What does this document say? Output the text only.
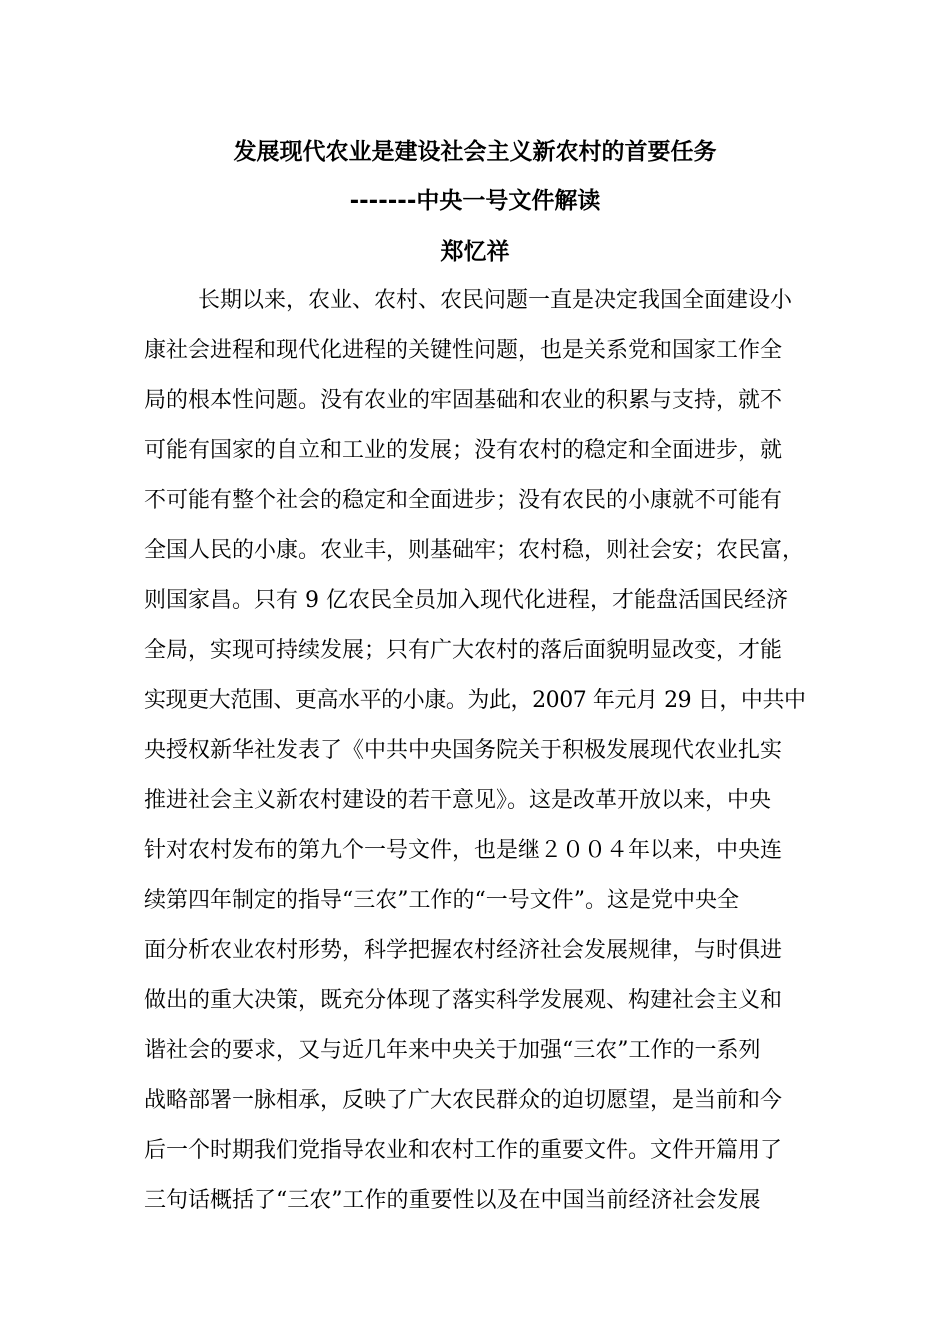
发展现代农业是建设社会主义新农村的首要任务
-------中央一号文件解读
郑忆祥
长期以来，农业、农村、农民问题一直是决定我国全面建设小
康社会进程和现代化进程的关键性问题，也是关系党和国家工作全
局的根本性问题。没有农业的牢固基础和农业的积累与支持，就不
可能有国家的自立和工业的发展；没有农村的稳定和全面进步，就
不可能有整个社会的稳定和全面进步；没有农民的小康就不可能有
全国人民的小康。农业丰，则基础牢；农村稳，则社会安；农民富，
则国家昌。只有 9 亿农民全员加入现代化进程，才能盘活国民经济
全局，实现可持续发展；只有广大农村的落后面貌明显改变，才能
实现更大范围、更高水平的小康。为此，2007 年元月 29 日，中共中
央授权新华社发表了《中共中央国务院关于积极发展现代农业扎实
推进社会主义新农村建设的若干意见》。这是改革开放以来，中央
针对农村发布的第九个一号文件，也是继２００４年以来，中央连
续第四年制定的指导“三农”工作的“一号文件”。这是党中央全
面分析农业农村形势，科学把握农村经济社会发展规律，与时俱进
做出的重大决策，既充分体现了落实科学发展观、构建社会主义和
谐社会的要求，又与近几年来中央关于加强“三农”工作的一系列
战略部署一脉相承，反映了广大农民群众的迫切愿望，是当前和今
后一个时期我们党指导农业和农村工作的重要文件。文件开篇用了
三句话概括了“三农”工作的重要性以及在中国当前经济社会发展
